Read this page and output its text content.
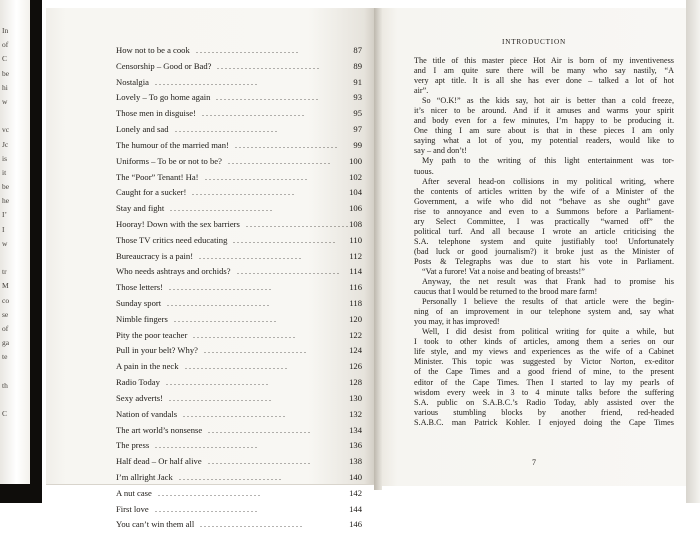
In
of
C
be
hi
w
vc
Jc
is
it
be
he
I’
I
w
tr
M
co
se
of
ga
te
th
C
How not to be a cook . . . . . . . . . . . . . . . . . . . . . . . . . .	87
Censorship – Good or Bad? . . . . . . . . . . . . . . . . . . . . . . . . . .	89
Nostalgia . . . . . . . . . . . . . . . . . . . . . . . . . .	91
Lovely – To go home again . . . . . . . . . . . . . . . . . . . . . . . . . .	93
Those men in disguise! . . . . . . . . . . . . . . . . . . . . . . . . . .	95
Lonely and sad . . . . . . . . . . . . . . . . . . . . . . . . . .	97
The humour of the married man! . . . . . . . . . . . . . . . . . . . . . . . . . .	99
Uniforms – To be or not to be? . . . . . . . . . . . . . . . . . . . . . . . . . .	100
The “Poor” Tenant! Ha! . . . . . . . . . . . . . . . . . . . . . . . . . .	102
Caught for a sucker! . . . . . . . . . . . . . . . . . . . . . . . . . .	104
Stay and fight . . . . . . . . . . . . . . . . . . . . . . . . . .	106
Hooray! Down with the sex barriers . . . . . . . . . . . . . . . . . . . . . . . . . . 108
Those TV critics need educating . . . . . . . . . . . . . . . . . . . . . . . . . .	110
Bureaucracy is a pain! . . . . . . . . . . . . . . . . . . . . . . . . . .	112
Who needs ashtrays and orchids? . . . . . . . . . . . . . . . . . . . . . . . . . .	114
Those letters! . . . . . . . . . . . . . . . . . . . . . . . . . .	116
Sunday sport . . . . . . . . . . . . . . . . . . . . . . . . . .	118
Nimble fingers . . . . . . . . . . . . . . . . . . . . . . . . . .	120
Pity the poor teacher . . . . . . . . . . . . . . . . . . . . . . . . . .	122
Pull in your belt? Why? . . . . . . . . . . . . . . . . . . . . . . . . . .	124
A pain in the neck . . . . . . . . . . . . . . . . . . . . . . . . . .	126
Radio Today . . . . . . . . . . . . . . . . . . . . . . . . . .	128
Sexy adverts! . . . . . . . . . . . . . . . . . . . . . . . . . .	130
Nation of vandals . . . . . . . . . . . . . . . . . . . . . . . . . .	132
The art world’s nonsense . . . . . . . . . . . . . . . . . . . . . . . . . .	134
The press . . . . . . . . . . . . . . . . . . . . . . . . . .	136
Half dead – Or half alive . . . . . . . . . . . . . . . . . . . . . . . . . .	138
I’m allright Jack . . . . . . . . . . . . . . . . . . . . . . . . . .	140
A nut case . . . . . . . . . . . . . . . . . . . . . . . . . .	142
First love . . . . . . . . . . . . . . . . . . . . . . . . . .	144
You can’t win them all . . . . . . . . . . . . . . . . . . . . . . . . . .	146
INTRODUCTION
The title of this master piece Hot Air is born of my inventiveness
and I am quite sure there will be many who say nastily, “A
very apt title. It is all she has ever done – talked a lot of hot
air”.
So “O.K!” as the kids say, hot air is better than a cold freeze,
it’s nicer to be around. And if it amuses and warms your spirit
and body even for a few minutes, I’m happy to be producing it.
One thing I am sure about is that in these pieces I am only
saying what a lot of you, my potential readers, would like to
say – and don’t!
My path to the writing of this light entertainment was tor-
tuous.
After several head-on collisions in my political writing, where
the contents of articles written by the wife of a Minister of the
Government, a wife who did not “behave as she ought” gave
rise to annoyance and even to a Summons before a Parliament-
ary Select Committee, I was practically “warned off” the
political turf. And all because I wrote an article criticising the
S.A. telephone system and quite justifiably too! Unfortunately
(bad luck or good journalism?) it broke just as the Minister of
Posts & Telegraphs was due to start his vote in Parliament.
“Vat a furore! Vat a noise and beating of breasts!”
Anyway, the net result was that Frank had to promise his
caucus that I would be returned to the brood mare farm!
Personally I believe the results of that article were the begin-
ning of an improvement in our telephone system and, say what
you may, it has improved!
Well, I did desist from political writing for quite a while, but
I took to other kinds of articles, among them a series on our
life style, and my views and experiences as the wife of a Cabinet
Minister. This topic was suggested by Victor Norton, ex-editor
of the Cape Times and a good friend of mine, to the present
editor of the Cape Times. Then I started to lay my pearls of
wisdom every week in 3 to 4 minute talks before the suffering
S.A. public on S.A.B.C.’s Radio Today, ably assisted over the
various stumbling blocks by another friend, red-headed
S.A.B.C. man Patrick Kohler. I enjoyed doing the Cape Times
7
